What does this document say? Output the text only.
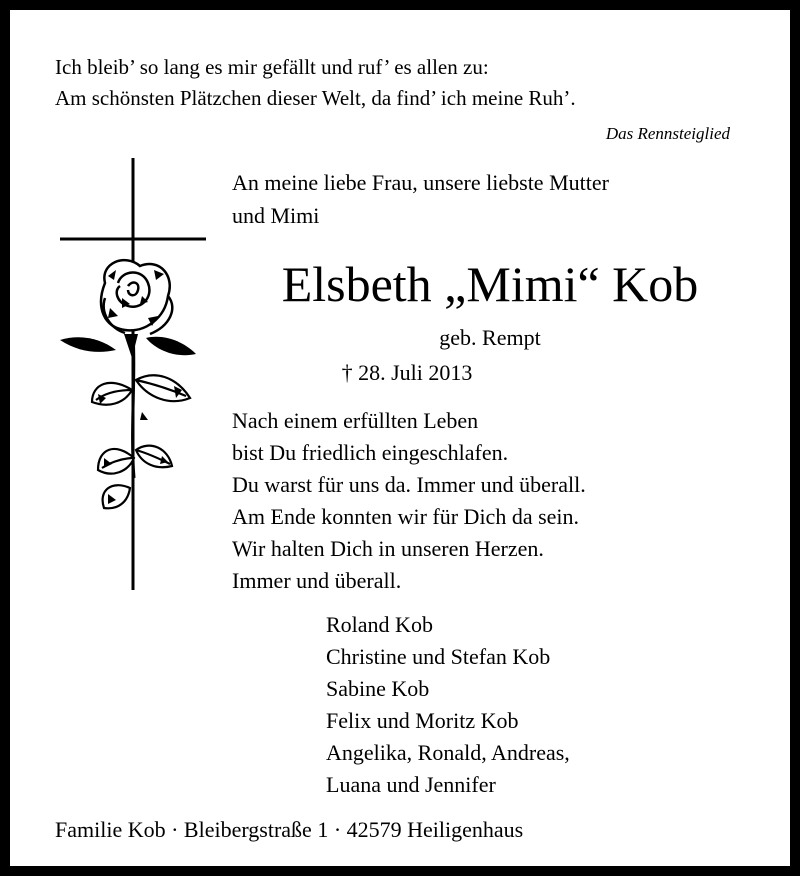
Ich bleib’ so lang es mir gefällt und ruf’ es allen zu:
Am schönsten Plätzchen dieser Welt, da find’ ich meine Ruh’.
Das Rennsteiglied
An meine liebe Frau, unsere liebste Mutter
und Mimi
Elsbeth „Mimi“ Kob
geb. Rempt
† 28. Juli 2013
Nach einem erfüllten Leben
bist Du friedlich eingeschlafen.
Du warst für uns da. Immer und überall.
Am Ende konnten wir für Dich da sein.
Wir halten Dich in unseren Herzen.
Immer und überall.
Roland Kob
Christine und Stefan Kob
Sabine Kob
Felix und Moritz Kob
Angelika, Ronald, Andreas,
Luana und Jennifer
Familie Kob · Bleibergstraße 1 · 42579 Heiligenhaus
